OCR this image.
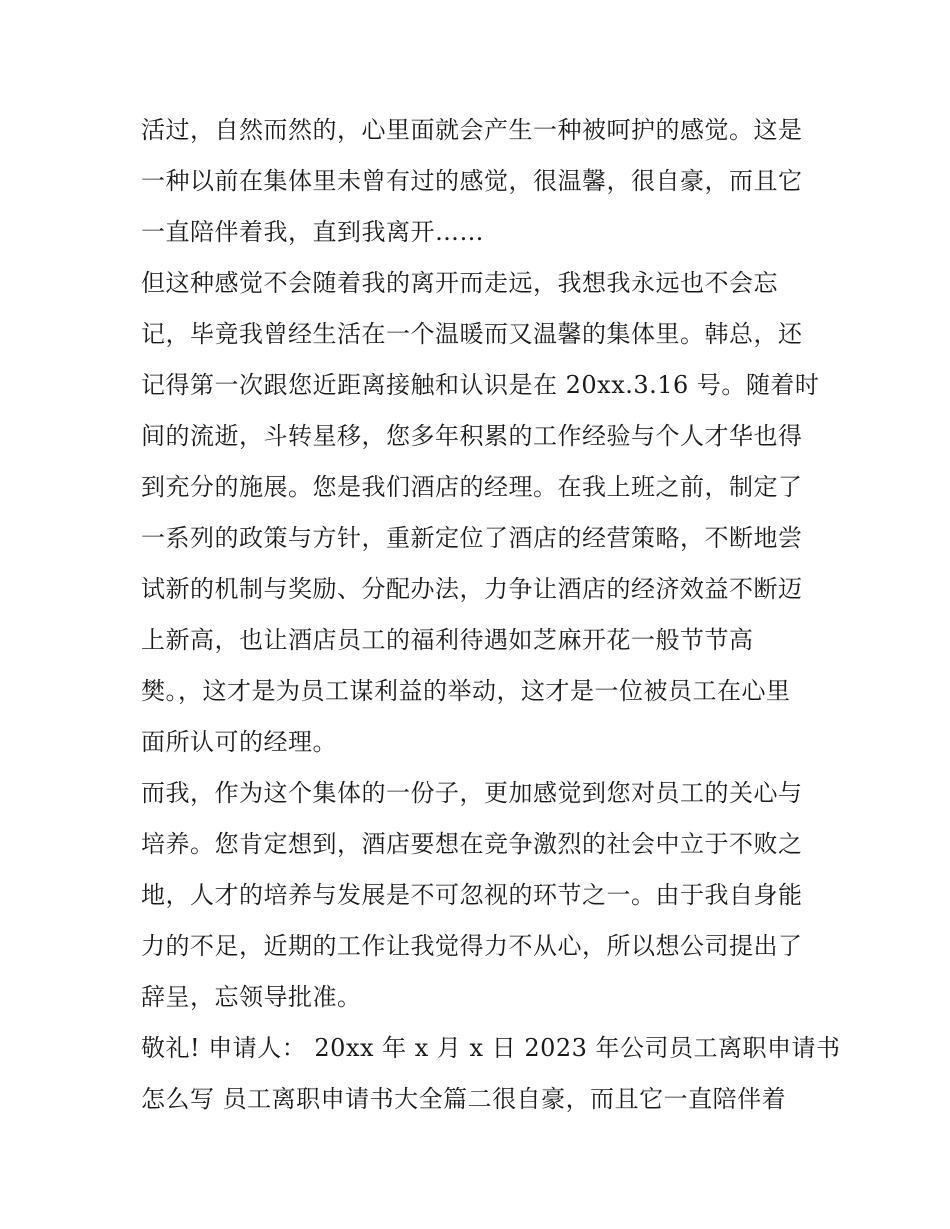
活过，自然而然的，心里面就会产生一种被呵护的感觉。这是
一种以前在集体里未曾有过的感觉，很温馨，很自豪，而且它
一直陪伴着我，直到我离开……
但这种感觉不会随着我的离开而走远，我想我永远也不会忘
记，毕竟我曾经生活在一个温暖而又温馨的集体里。韩总，还
记得第一次跟您近距离接触和认识是在 20xx.3.16 号。随着时
间的流逝，斗转星移，您多年积累的工作经验与个人才华也得
到充分的施展。您是我们酒店的经理。在我上班之前，制定了
一系列的政策与方针，重新定位了酒店的经营策略，不断地尝
试新的机制与奖励、分配办法，力争让酒店的经济效益不断迈
上新高，也让酒店员工的福利待遇如芝麻开花一般节节高
樊。，这才是为员工谋利益的举动，这才是一位被员工在心里
面所认可的经理。
而我，作为这个集体的一份子，更加感觉到您对员工的关心与
培养。您肯定想到，酒店要想在竞争激烈的社会中立于不败之
地，人才的培养与发展是不可忽视的环节之一。由于我自身能
力的不足，近期的工作让我觉得力不从心，所以想公司提出了
辞呈，忘领导批准。
敬礼! 申请人： 20xx 年 x 月 x 日 2023 年公司员工离职申请书
怎么写 员工离职申请书大全篇二很自豪，而且它一直陪伴着
